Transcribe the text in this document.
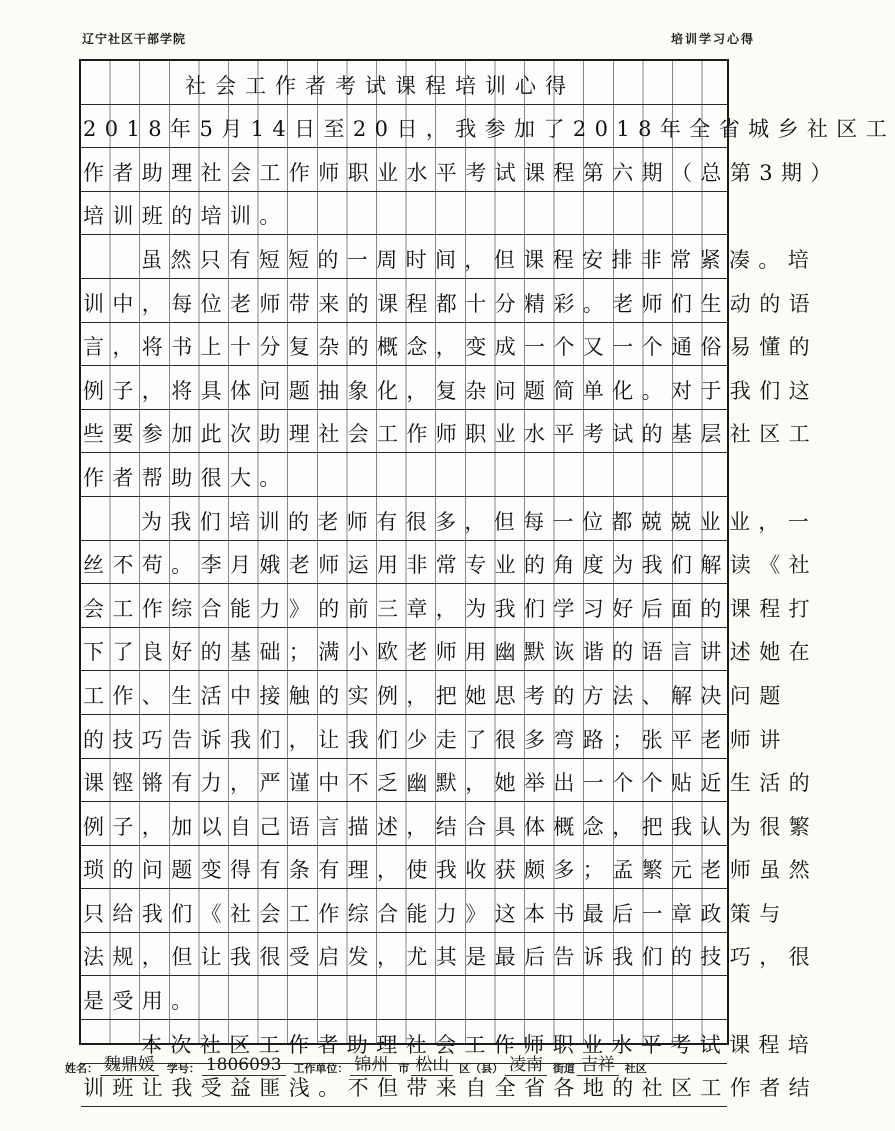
辽宁社区干部学院	培训学习心得
社会工作者考试课程培训心得
2018年5月14日至20日，我参加了2018年全省城乡社区工
作者助理社会工作师职业水平考试课程第六期（总第3期）
培训班的培训。
虽然只有短短的一周时间，但课程安排非常紧凑。培
训中，每位老师带来的课程都十分精彩。老师们生动的语
言，将书上十分复杂的概念，变成一个又一个通俗易懂的
例子，将具体问题抽象化，复杂问题简单化。对于我们这
些要参加此次助理社会工作师职业水平考试的基层社区工
作者帮助很大。
为我们培训的老师有很多，但每一位都兢兢业业，一
丝不苟。李月娥老师运用非常专业的角度为我们解读《社
会工作综合能力》的前三章，为我们学习好后面的课程打
下了良好的基础；满小欧老师用幽默诙谐的语言讲述她在
工作、生活中接触的实例，把她思考的方法、解决问题
的技巧告诉我们，让我们少走了很多弯路；张平老师讲
课铿锵有力，严谨中不乏幽默，她举出一个个贴近生活的
例子，加以自己语言描述，结合具体概念，把我认为很繁
琐的问题变得有条有理，使我收获颇多；孟繁元老师虽然
只给我们《社会工作综合能力》这本书最后一章政策与
法规，但让我很受启发，尤其是最后告诉我们的技巧，很
是受用。
本次社区工作者助理社会工作师职业水平考试课程培
训班让我受益匪浅。不但带来自全省各地的社区工作者结
姓名： 魏鼎媛 学号： 1806093 工作单位： 锦州 市 松山 区（县） 凌南 街道 吉祥 社区
